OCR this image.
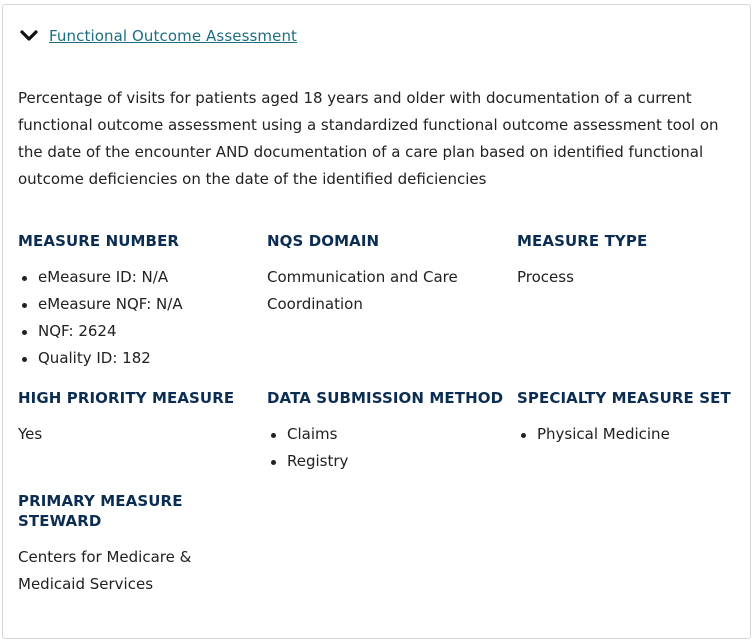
Functional Outcome Assessment

Percentage of visits for patients aged 18 years and older with documentation of a current functional outcome assessment using a standardized functional outcome assessment tool on the date of the encounter AND documentation of a care plan based on identified functional outcome deficiencies on the date of the identified deficiencies

MEASURE NUMBER
eMeasure ID: N/A
eMeasure NQF: N/A
NQF: 2624
Quality ID: 182
NQS DOMAIN
Communication and Care Coordination
MEASURE TYPE
Process
HIGH PRIORITY MEASURE
Yes
DATA SUBMISSION METHOD
Claims
Registry
SPECIALTY MEASURE SET
Physical Medicine
PRIMARY MEASURE STEWARD
Centers for Medicare & Medicaid Services
